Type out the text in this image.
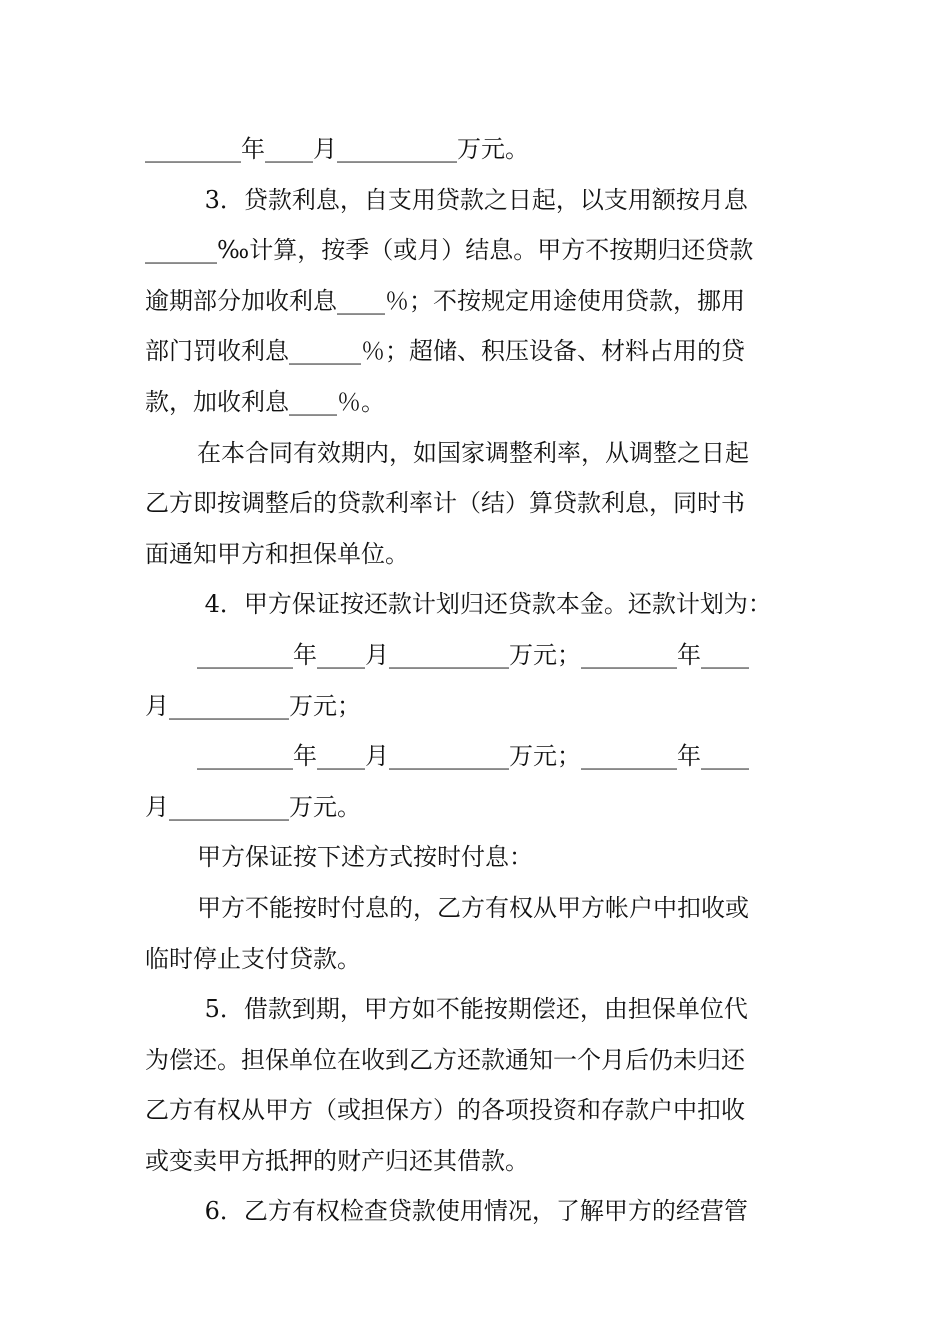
________年____月__________万元。
3．贷款利息，自支用贷款之日起，以支用额按月息
______‰计算，按季（或月）结息。甲方不按期归还贷款
逾期部分加收利息____％；不按规定用途使用贷款，挪用
部门罚收利息______％；超储、积压设备、材料占用的贷
款，加收利息____％。
在本合同有效期内，如国家调整利率，从调整之日起
乙方即按调整后的贷款利率计（结）算贷款利息，同时书
面通知甲方和担保单位。
4．甲方保证按还款计划归还贷款本金。还款计划为：
________年____月__________万元；________年____
月__________万元；
________年____月__________万元；________年____
月__________万元。
甲方保证按下述方式按时付息：
甲方不能按时付息的，乙方有权从甲方帐户中扣收或
临时停止支付贷款。
5．借款到期，甲方如不能按期偿还，由担保单位代
为偿还。担保单位在收到乙方还款通知一个月后仍未归还
乙方有权从甲方（或担保方）的各项投资和存款户中扣收
或变卖甲方抵押的财产归还其借款。
6．乙方有权检查贷款使用情况，了解甲方的经营管
